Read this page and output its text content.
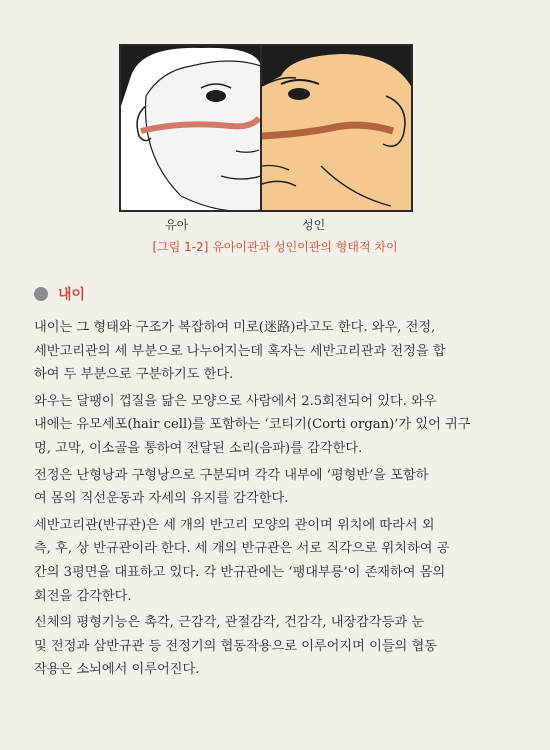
유아	성인
[그림 1-2] 유아이관과 성인이관의 형태적 차이
내이

내이는 그 형태와 구조가 복잡하여 미로(迷路)라고도 한다. 와우, 전정,

세반고리관의 세 부분으로 나누어지는데 혹자는 세반고리관과 전정을 합

하여 두 부분으로 구분하기도 한다.

와우는 달팽이 껍질을 닮은 모양으로 사람에서 2.5회전되어 있다. 와우

내에는 유모세포(hair cell)를 포함하는 ‘코티기(Corti organ)’가 있어 귀구

멍, 고막, 이소골을 통하여 전달된 소리(음파)를 감각한다.

전정은 난형낭과 구형낭으로 구분되며 각각 내부에 ‘평형반’을 포함하

여 몸의 직선운동과 자세의 유지를 감각한다.

세반고리관(반규관)은 세 개의 반고리 모양의 관이며 위치에 따라서 외

측, 후, 상 반규관이라 한다. 세 개의 반규관은 서로 직각으로 위치하여 공

간의 3평면을 대표하고 있다. 각 반규관에는 ‘팽대부릉’이 존재하여 몸의

회전을 감각한다.

신체의 평형기능은 촉각, 근감각, 관절감각, 건감각, 내장감각등과 눈

및 전정과 삼반규관 등 전정기의 협동작용으로 이루어지며 이들의 협동

작용은 소뇌에서 이루어진다.
